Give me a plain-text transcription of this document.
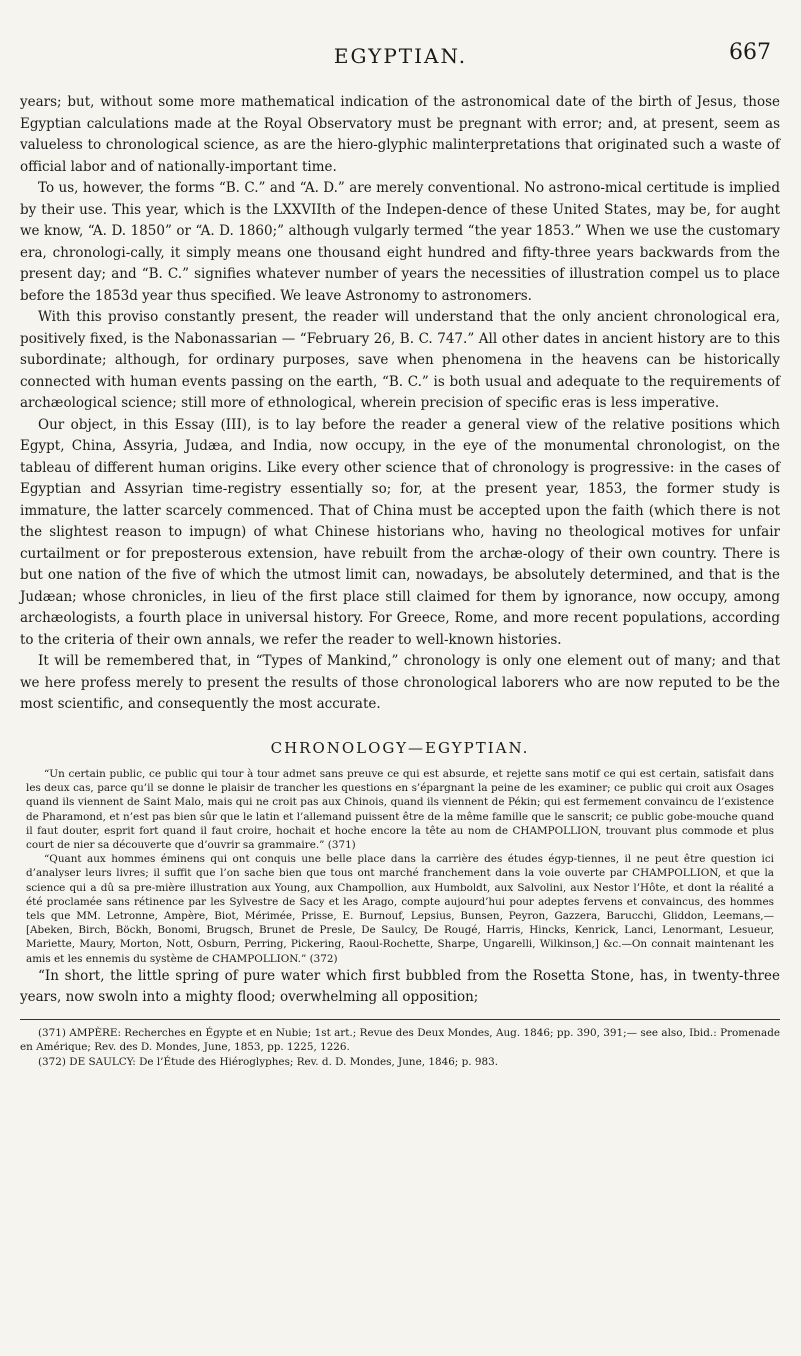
EGYPTIAN.	667

years; but, without some more mathematical indication of the astronomical date of the birth of Jesus, those Egyptian calculations made at the Royal Observatory must be pregnant with error; and, at present, seem as valueless to chronological science, as are the hiero-glyphic malinterpretations that originated such a waste of official labor and of nationally-important time.

To us, however, the forms “B. C.” and “A. D.” are merely conventional. No astrono-mical certitude is implied by their use. This year, which is the LXXVIIth of the Indepen-dence of these United States, may be, for aught we know, “A. D. 1850” or “A. D. 1860;” although vulgarly termed “the year 1853.” When we use the customary era, chronologi-cally, it simply means one thousand eight hundred and fifty-three years backwards from the present day; and “B. C.” signifies whatever number of years the necessities of illustration compel us to place before the 1853d year thus specified. We leave Astronomy to astronomers.

With this proviso constantly present, the reader will understand that the only ancient chronological era, positively fixed, is the Nabonassarian — “February 26, B. C. 747.” All other dates in ancient history are to this subordinate; although, for ordinary purposes, save when phenomena in the heavens can be historically connected with human events passing on the earth, “B. C.” is both usual and adequate to the requirements of archæological science; still more of ethnological, wherein precision of specific eras is less imperative.

Our object, in this Essay (III), is to lay before the reader a general view of the relative positions which Egypt, China, Assyria, Judæa, and India, now occupy, in the eye of the monumental chronologist, on the tableau of different human origins. Like every other science that of chronology is progressive: in the cases of Egyptian and Assyrian time-registry essentially so; for, at the present year, 1853, the former study is immature, the latter scarcely commenced. That of China must be accepted upon the faith (which there is not the slightest reason to impugn) of what Chinese historians who, having no theological motives for unfair curtailment or for preposterous extension, have rebuilt from the archæ-ology of their own country. There is but one nation of the five of which the utmost limit can, nowadays, be absolutely determined, and that is the Judæan; whose chronicles, in lieu of the first place still claimed for them by ignorance, now occupy, among archæologists, a fourth place in universal history. For Greece, Rome, and more recent populations, according to the criteria of their own annals, we refer the reader to well-known histories.

It will be remembered that, in “Types of Mankind,” chronology is only one element out of many; and that we here profess merely to present the results of those chronological laborers who are now reputed to be the most scientific, and consequently the most accurate.

CHRONOLOGY—EGYPTIAN.

“Un certain public, ce public qui tour à tour admet sans preuve ce qui est absurde, et rejette sans motif ce qui est certain, satisfait dans les deux cas, parce qu’il se donne le plaisir de trancher les questions en s’épargnant la peine de les examiner; ce public qui croit aux Osages quand ils viennent de Saint Malo, mais qui ne croit pas aux Chinois, quand ils viennent de Pékin; qui est fermement convaincu de l’existence de Pharamond, et n’est pas bien sûr que le latin et l’allemand puissent être de la même famille que le sanscrit; ce public gobe-mouche quand il faut douter, esprit fort quand il faut croire, hochait et hoche encore la tête au nom de CHAMPOLLION, trouvant plus commode et plus court de nier sa découverte que d’ouvrir sa grammaire.” (371)

“Quant aux hommes éminens qui ont conquis une belle place dans la carrière des études égyp-tiennes, il ne peut être question ici d’analyser leurs livres; il suffit que l’on sache bien que tous ont marché franchement dans la voie ouverte par CHAMPOLLION, et que la science qui a dû sa pre-mière illustration aux Young, aux Champollion, aux Humboldt, aux Salvolini, aux Nestor l’Hôte, et dont la réalité a été proclamée sans rétinence par les Sylvestre de Sacy et les Arago, compte aujourd’hui pour adeptes fervens et convaincus, des hommes tels que MM. Letronne, Ampère, Biot, Mérimée, Prisse, E. Burnouf, Lepsius, Bunsen, Peyron, Gazzera, Barucchi, Gliddon, Leemans,— [Abeken, Birch, Böckh, Bonomi, Brugsch, Brunet de Presle, De Saulcy, De Rougé, Harris, Hincks, Kenrick, Lanci, Lenormant, Lesueur, Mariette, Maury, Morton, Nott, Osburn, Perring, Pickering, Raoul-Rochette, Sharpe, Ungarelli, Wilkinson,] &c.—On connait maintenant les amis et les ennemis du système de CHAMPOLLION.” (372)

“In short, the little spring of pure water which first bubbled from the Rosetta Stone, has, in twenty-three years, now swoln into a mighty flood; overwhelming all opposition;

(371) AMPÈRE: Recherches en Égypte et en Nubie; 1st art.; Revue des Deux Mondes, Aug. 1846; pp. 390, 391;— see also, Ibid.: Promenade en Amérique; Rev. des D. Mondes, June, 1853, pp. 1225, 1226.

(372) DE SAULCY: De l’Étude des Hiéroglyphes; Rev. d. D. Mondes, June, 1846; p. 983.
